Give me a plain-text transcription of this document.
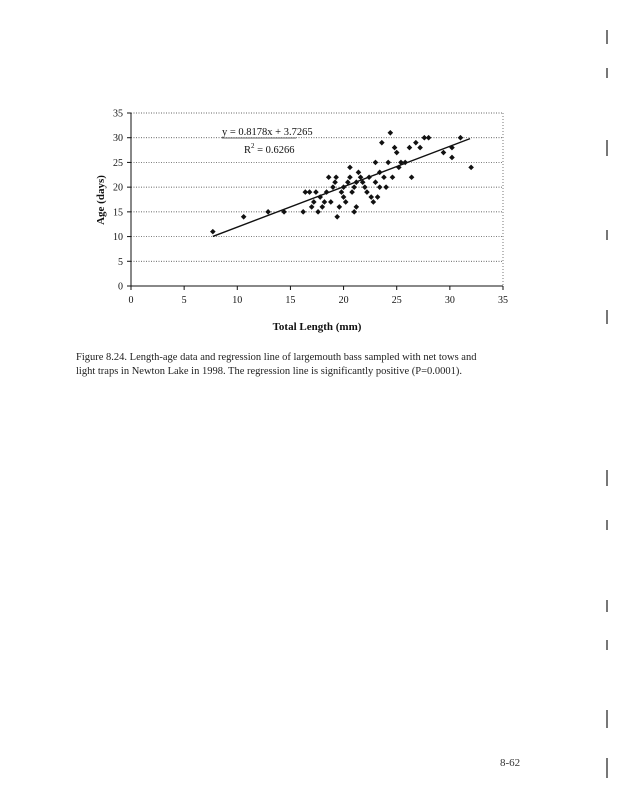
0	5	10	15	20	25	30	35
0
5
10
15
20
25
30
35
y = 0.8178x + 3.7265
$R^2 = 0.6266$
Total Length (mm)
Age (days)
Figure 8.24. Length-age data and regression line of largemouth bass sampled with net tows and
light traps in Newton Lake in 1998. The regression line is significantly positive (P=0.0001).
8-62
